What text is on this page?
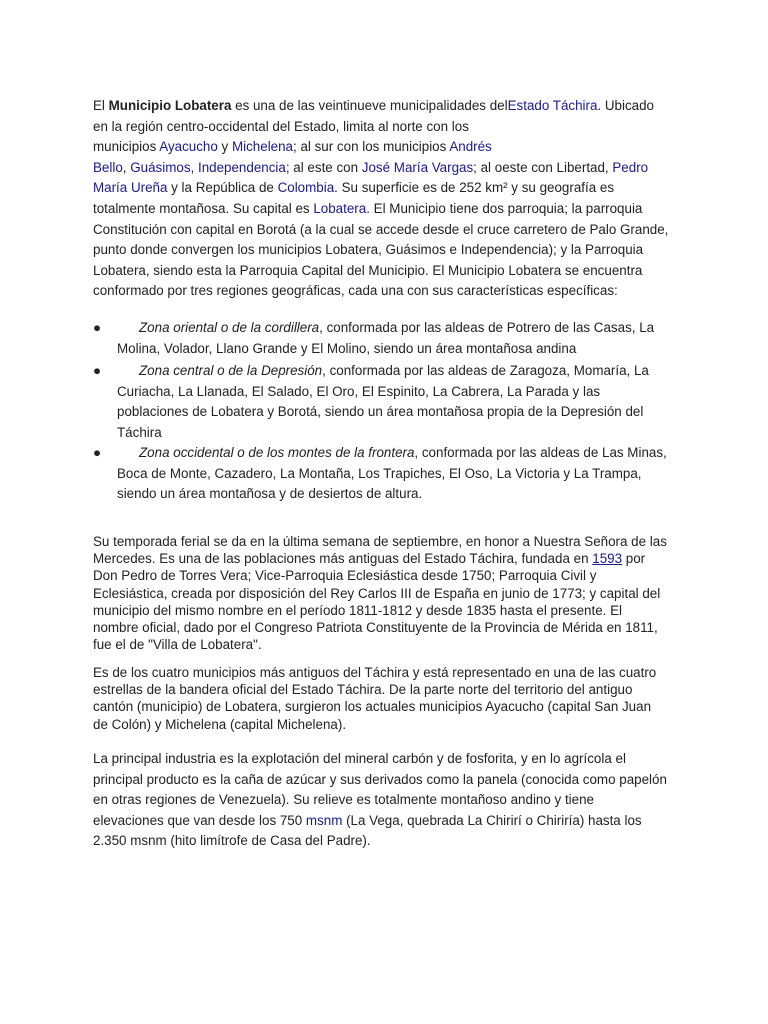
El Municipio Lobatera es una de las veintinueve municipalidades delEstado Táchira. Ubicado
en la región centro-occidental del Estado, limita al norte con los
municipios Ayacucho y Michelena; al sur con los municipios Andrés
Bello, Guásimos, Independencia; al este con José María Vargas; al oeste con Libertad, Pedro
María Ureña y la República de Colombia. Su superficie es de 252 km² y su geografía es
totalmente montañosa. Su capital es Lobatera. El Municipio tiene dos parroquia; la parroquia
Constitución con capital en Borotá (a la cual se accede desde el cruce carretero de Palo Grande,
punto donde convergen los municipios Lobatera, Guásimos e Independencia); y la Parroquia
Lobatera, siendo esta la Parroquia Capital del Municipio. El Municipio Lobatera se encuentra
conformado por tres regiones geográficas, cada una con sus características específicas:

●	Zona oriental o de la cordillera, conformada por las aldeas de Potrero de las Casas, La
Molina, Volador, Llano Grande y El Molino, siendo un área montañosa andina
●	Zona central o de la Depresión, conformada por las aldeas de Zaragoza, Momaría, La
Curiacha, La Llanada, El Salado, El Oro, El Espinito, La Cabrera, La Parada y las
poblaciones de Lobatera y Borotá, siendo un área montañosa propia de la Depresión del
Táchira
●	Zona occidental o de los montes de la frontera, conformada por las aldeas de Las Minas,
Boca de Monte, Cazadero, La Montaña, Los Trapiches, El Oso, La Victoria y La Trampa,
siendo un área montañosa y de desiertos de altura.

Su temporada ferial se da en la última semana de septiembre, en honor a Nuestra Señora de las
Mercedes. Es una de las poblaciones más antiguas del Estado Táchira, fundada en 1593 por
Don Pedro de Torres Vera; Vice-Parroquia Eclesiástica desde 1750; Parroquia Civil y
Eclesiástica, creada por disposición del Rey Carlos III de España en junio de 1773; y capital del
municipio del mismo nombre en el período 1811-1812 y desde 1835 hasta el presente. El
nombre oficial, dado por el Congreso Patriota Constituyente de la Provincia de Mérida en 1811,
fue el de "Villa de Lobatera".

Es de los cuatro municipios más antiguos del Táchira y está representado en una de las cuatro
estrellas de la bandera oficial del Estado Táchira. De la parte norte del territorio del antiguo
cantón (municipio) de Lobatera, surgieron los actuales municipios Ayacucho (capital San Juan
de Colón) y Michelena (capital Michelena).

La principal industria es la explotación del mineral carbón y de fosforita, y en lo agrícola el
principal producto es la caña de azúcar y sus derivados como la panela (conocida como papelón
en otras regiones de Venezuela). Su relieve es totalmente montañoso andino y tiene
elevaciones que van desde los 750 msnm (La Vega, quebrada La Chirirí o Chiriría) hasta los
2.350 msnm (hito limítrofe de Casa del Padre).
